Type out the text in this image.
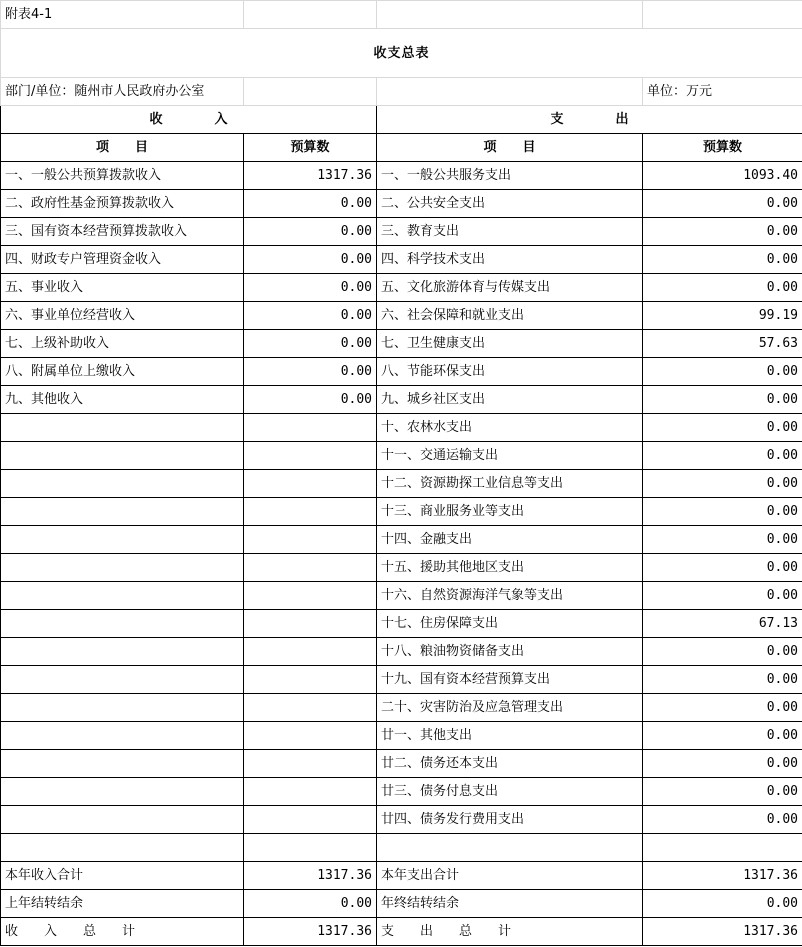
附表4-1			
收支总表			
部门/单位：随州市人民政府办公室			单位：万元
收　　　　入		支　　　　出	
项　　目	预算数	项　　目	预算数
一、一般公共预算拨款收入	1317.36	一、一般公共服务支出	1093.40
二、政府性基金预算拨款收入	0.00	二、公共安全支出	0.00
三、国有资本经营预算拨款收入	0.00	三、教育支出	0.00
四、财政专户管理资金收入	0.00	四、科学技术支出	0.00
五、事业收入	0.00	五、文化旅游体育与传媒支出	0.00
六、事业单位经营收入	0.00	六、社会保障和就业支出	99.19
七、上级补助收入	0.00	七、卫生健康支出	57.63
八、附属单位上缴收入	0.00	八、节能环保支出	0.00
九、其他收入	0.00	九、城乡社区支出	0.00
		十、农林水支出	0.00
		十一、交通运输支出	0.00
		十二、资源勘探工业信息等支出	0.00
		十三、商业服务业等支出	0.00
		十四、金融支出	0.00
		十五、援助其他地区支出	0.00
		十六、自然资源海洋气象等支出	0.00
		十七、住房保障支出	67.13
		十八、粮油物资储备支出	0.00
		十九、国有资本经营预算支出	0.00
		二十、灾害防治及应急管理支出	0.00
		廿一、其他支出	0.00
		廿二、债务还本支出	0.00
		廿三、债务付息支出	0.00
		廿四、债务发行费用支出	0.00

本年收入合计	1317.36	本年支出合计	1317.36
上年结转结余	0.00	年终结转结余	0.00
收　　入　　总　　计	1317.36	支　　出　　总　　计	1317.36
